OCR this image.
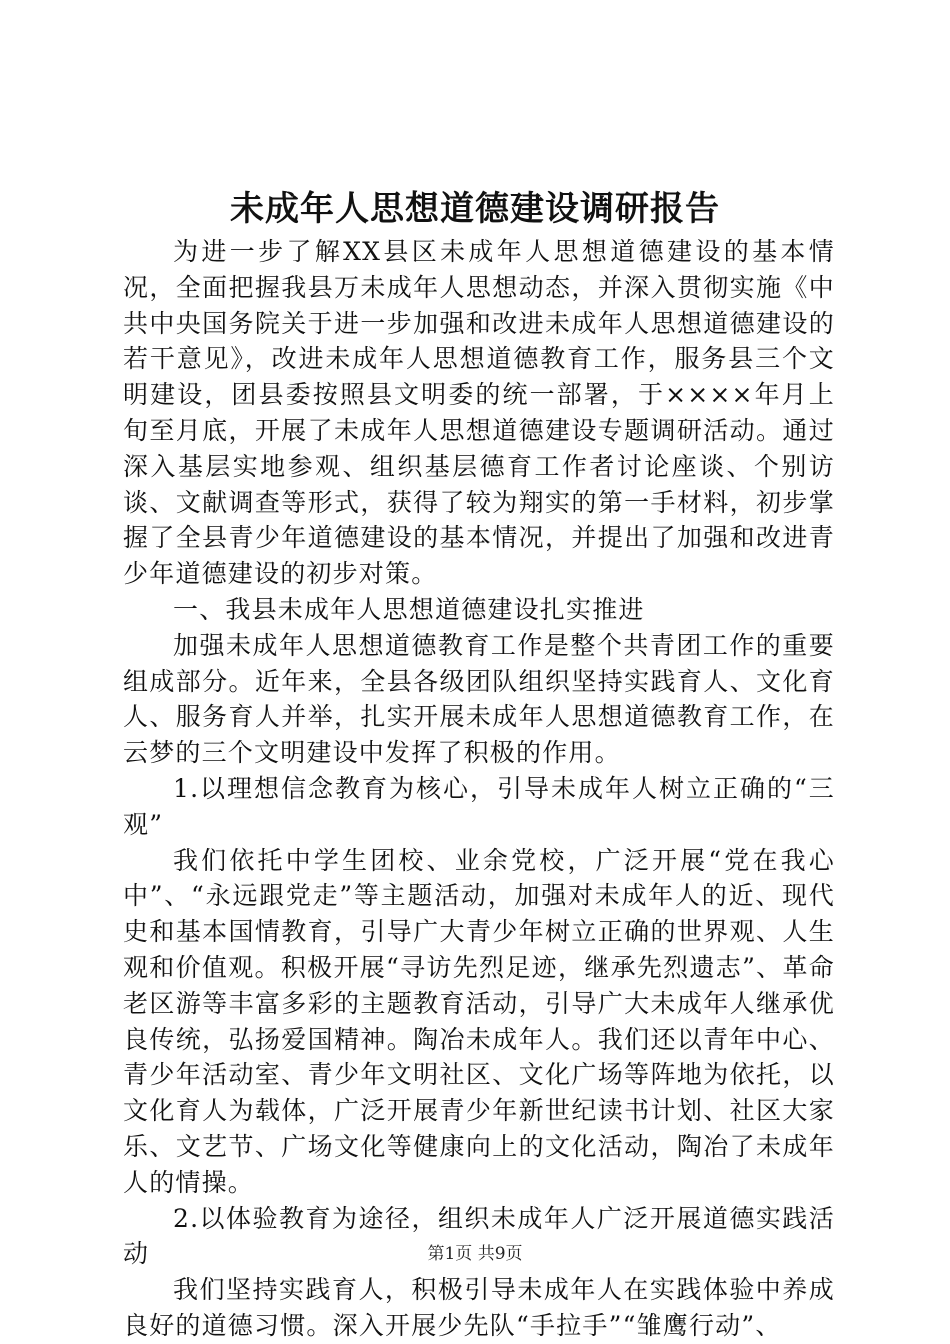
未成年人思想道德建设调研报告

为进一步了解XX县区未成年人思想道德建设的基本情况，全面把握我县万未成年人思想动态，并深入贯彻实施《中共中央国务院关于进一步加强和改进未成年人思想道德建设的若干意见》，改进未成年人思想道德教育工作，服务县三个文明建设，团县委按照县文明委的统一部署，于××××年月上旬至月底，开展了未成年人思想道德建设专题调研活动。通过深入基层实地参观、组织基层德育工作者讨论座谈、个别访谈、文献调查等形式，获得了较为翔实的第一手材料，初步掌握了全县青少年道德建设的基本情况，并提出了加强和改进青少年道德建设的初步对策。

一、我县未成年人思想道德建设扎实推进

加强未成年人思想道德教育工作是整个共青团工作的重要组成部分。近年来，全县各级团队组织坚持实践育人、文化育人、服务育人并举，扎实开展未成年人思想道德教育工作，在云梦的三个文明建设中发挥了积极的作用。

1.以理想信念教育为核心，引导未成年人树立正确的“三观”

我们依托中学生团校、业余党校，广泛开展“党在我心中”、“永远跟党走”等主题活动，加强对未成年人的近、现代史和基本国情教育，引导广大青少年树立正确的世界观、人生观和价值观。积极开展“寻访先烈足迹，继承先烈遗志”、革命老区游等丰富多彩的主题教育活动，引导广大未成年人继承优良传统，弘扬爱国精神。陶冶未成年人。我们还以青年中心、青少年活动室、青少年文明社区、文化广场等阵地为依托，以文化育人为载体，广泛开展青少年新世纪读书计划、社区大家乐、文艺节、广场文化等健康向上的文化活动，陶冶了未成年人的情操。

2.以体验教育为途径，组织未成年人广泛开展道德实践活动

我们坚持实践育人，积极引导未成年人在实践体验中养成良好的道德习惯。深入开展少先队“手拉手”“雏鹰行动”、

第1页 共9页
